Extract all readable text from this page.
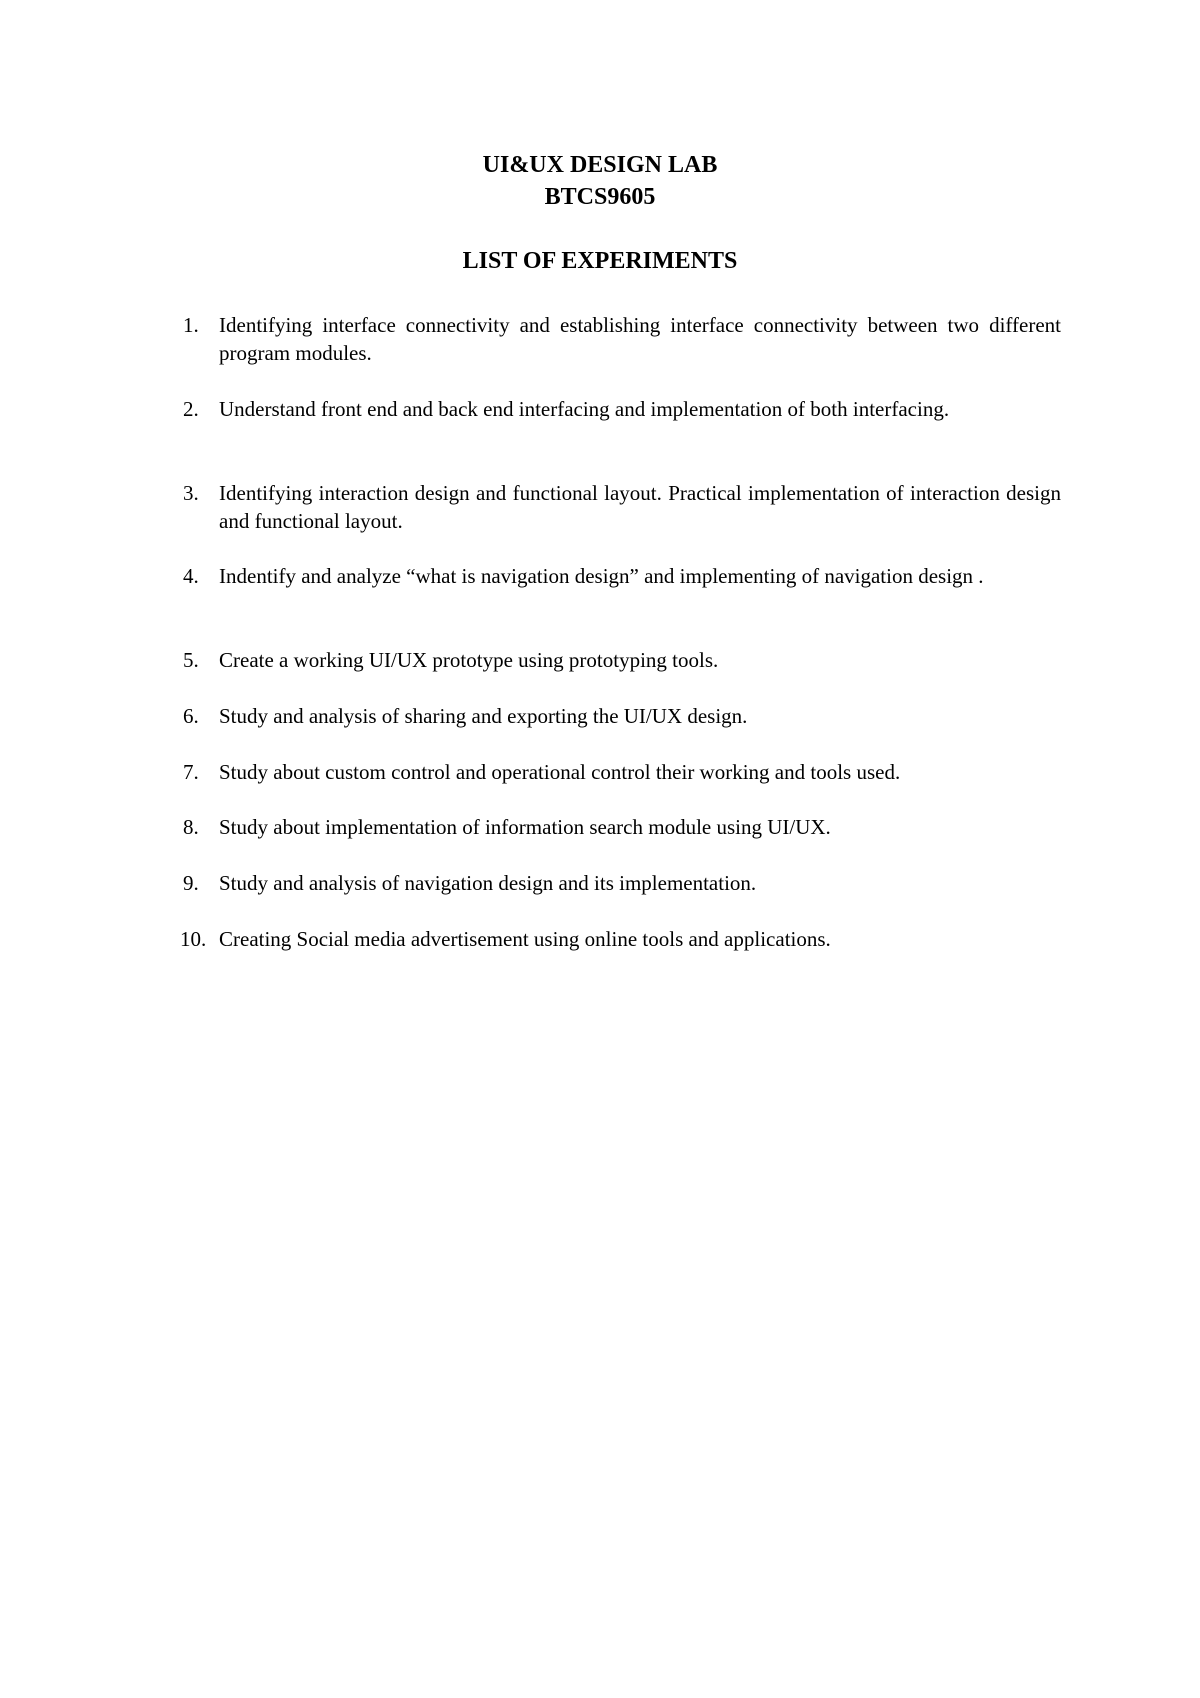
UI&UX DESIGN LAB
BTCS9605
LIST OF EXPERIMENTS
1. Identifying interface connectivity and establishing interface connectivity between two different program modules.
2. Understand front end and back end interfacing and implementation of both interfacing.
3. Identifying interaction design and functional layout. Practical implementation of interaction design and functional layout.
4. Indentify and analyze “what is navigation design” and implementing of navigation design .
5. Create a working UI/UX prototype using prototyping tools.
6. Study and analysis of sharing and exporting the UI/UX design.
7. Study about custom control and operational control their working and tools used.
8. Study about implementation of information search module using UI/UX.
9. Study and analysis of navigation design and its implementation.
10. Creating Social media advertisement using online tools and applications.
